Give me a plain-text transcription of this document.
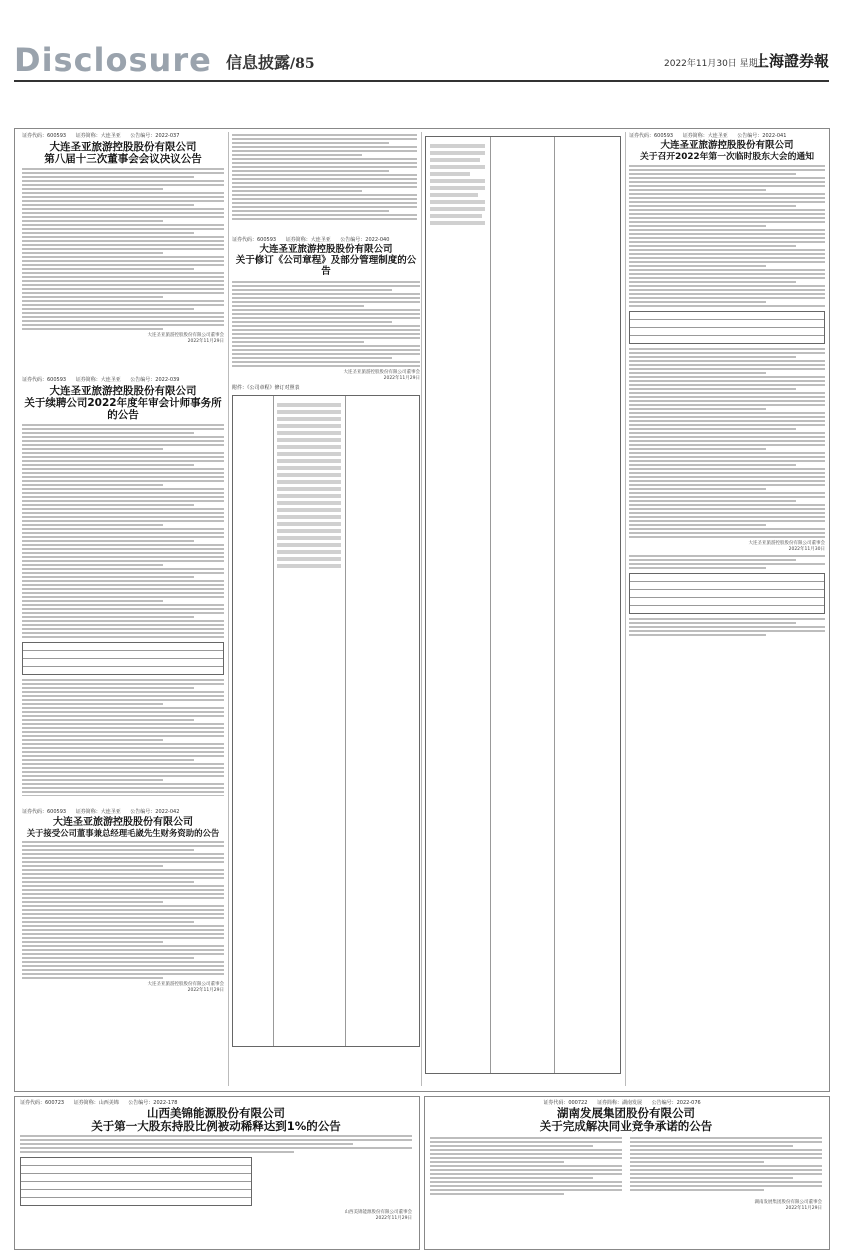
Disclosure 信息披露/85	2022年11月30日 星期三
上海證券報
证券代码：600593 证券简称：大连圣亚 公告编号：2022-037
大连圣亚旅游控股股份有限公司
第八届十三次董事会会议决议公告
大连圣亚旅游控股股份有限公司董事会
2022年11月29日
证券代码：600593 证券简称：大连圣亚 公告编号：2022-039
大连圣亚旅游控股股份有限公司
关于续聘公司2022年度年审会计师事务所的公告
证券代码：600593 证券简称：大连圣亚 公告编号：2022-042
大连圣亚旅游控股股份有限公司
关于接受公司董事兼总经理毛崴先生财务资助的公告
大连圣亚旅游控股股份有限公司董事会
2022年11月29日
证券代码：600593 证券简称：大连圣亚 公告编号：2022-040
大连圣亚旅游控股股份有限公司
关于修订《公司章程》及部分管理制度的公告
大连圣亚旅游控股股份有限公司董事会
2022年11月29日
附件：《公司章程》修订对照表
证券代码：600593 证券简称：大连圣亚 公告编号：2022-041
大连圣亚旅游控股股份有限公司
关于召开2022年第一次临时股东大会的通知
大连圣亚旅游控股股份有限公司董事会
2022年11月30日
证券代码：600723 证券简称：山西美锦 公告编号：2022-178
山西美锦能源股份有限公司
关于第一大股东持股比例被动稀释达到1%的公告
山西美锦能源股份有限公司董事会
2022年11月29日
证券代码：000722 证券简称：湖南发展 公告编号：2022-076
湖南发展集团股份有限公司
关于完成解决同业竞争承诺的公告
湖南发展集团股份有限公司董事会
2022年11月29日
